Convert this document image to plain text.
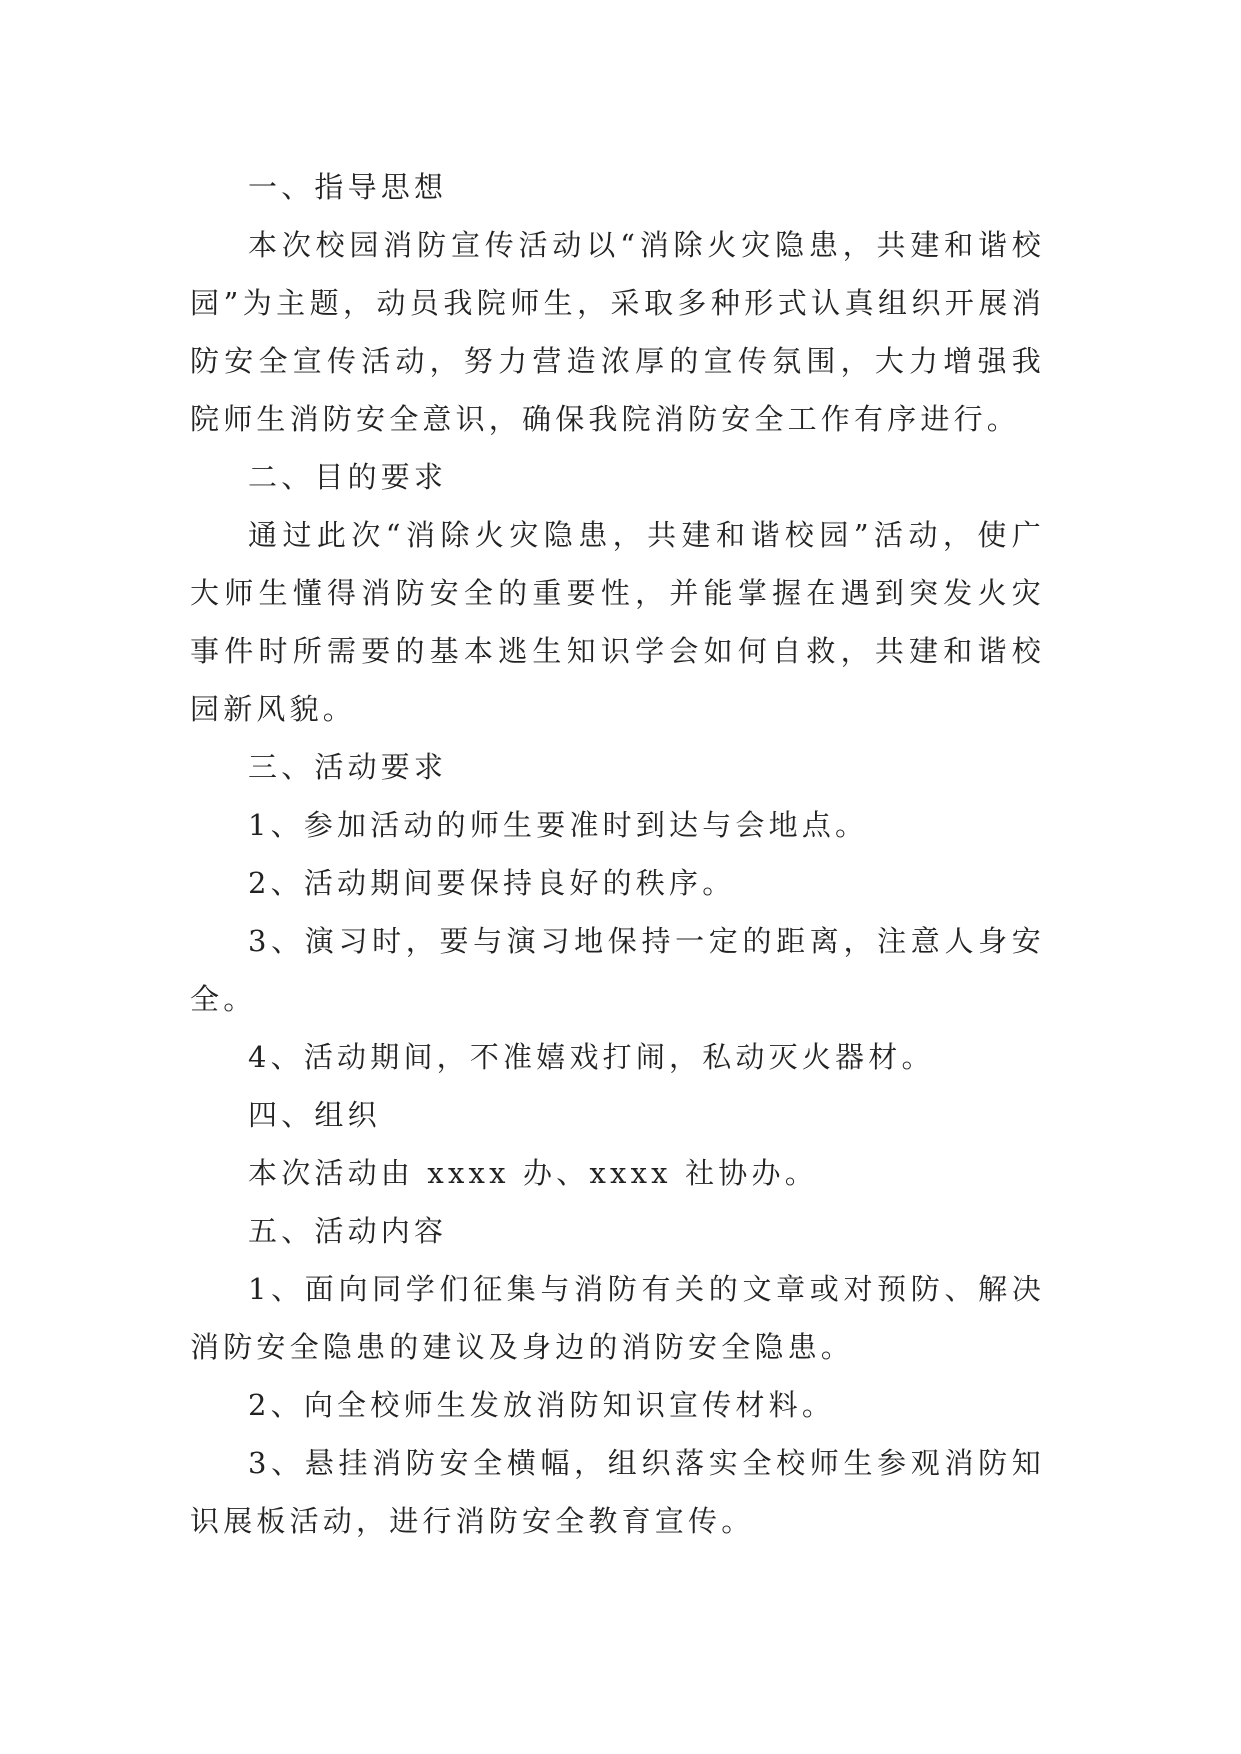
一、指导思想

本次校园消防宣传活动以“消除火灾隐患，共建和谐校园”为主题，动员我院师生，采取多种形式认真组织开展消防安全宣传活动，努力营造浓厚的宣传氛围，大力增强我院师生消防安全意识，确保我院消防安全工作有序进行。

二、目的要求

通过此次“消除火灾隐患，共建和谐校园”活动，使广大师生懂得消防安全的重要性，并能掌握在遇到突发火灾事件时所需要的基本逃生知识学会如何自救，共建和谐校园新风貌。

三、活动要求

1、参加活动的师生要准时到达与会地点。

2、活动期间要保持良好的秩序。

3、演习时，要与演习地保持一定的距离，注意人身安全。

4、活动期间，不准嬉戏打闹，私动灭火器材。

四、组织

本次活动由 xxxx 办、xxxx 社协办。

五、活动内容

1、面向同学们征集与消防有关的文章或对预防、解决消防安全隐患的建议及身边的消防安全隐患。

2、向全校师生发放消防知识宣传材料。

3、悬挂消防安全横幅，组织落实全校师生参观消防知识展板活动，进行消防安全教育宣传。
